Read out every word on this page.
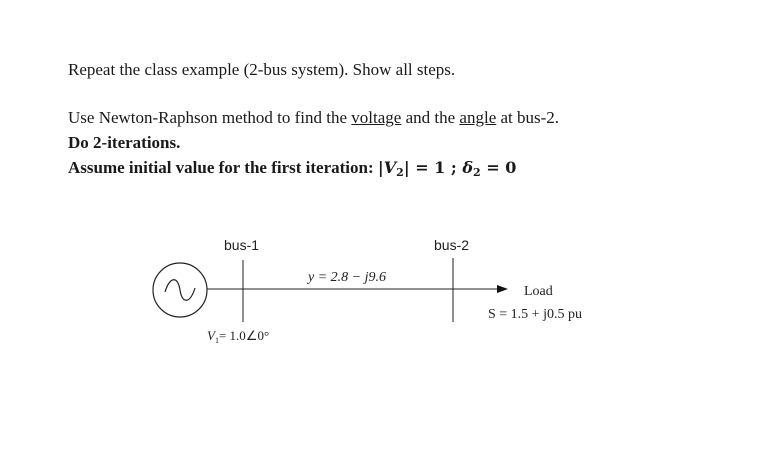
Repeat the class example (2-bus system). Show all steps.
Use Newton-Raphson method to find the voltage and the angle at bus-2.
Do 2-iterations.
Assume initial value for the first iteration: $|V_2| = 1$ ; $\delta_2 = 0$
bus-1	bus-2
y = 2.8 − j9.6
$V_1=$ 1.0∠0°
Load
S = 1.5 + j0.5 pu
